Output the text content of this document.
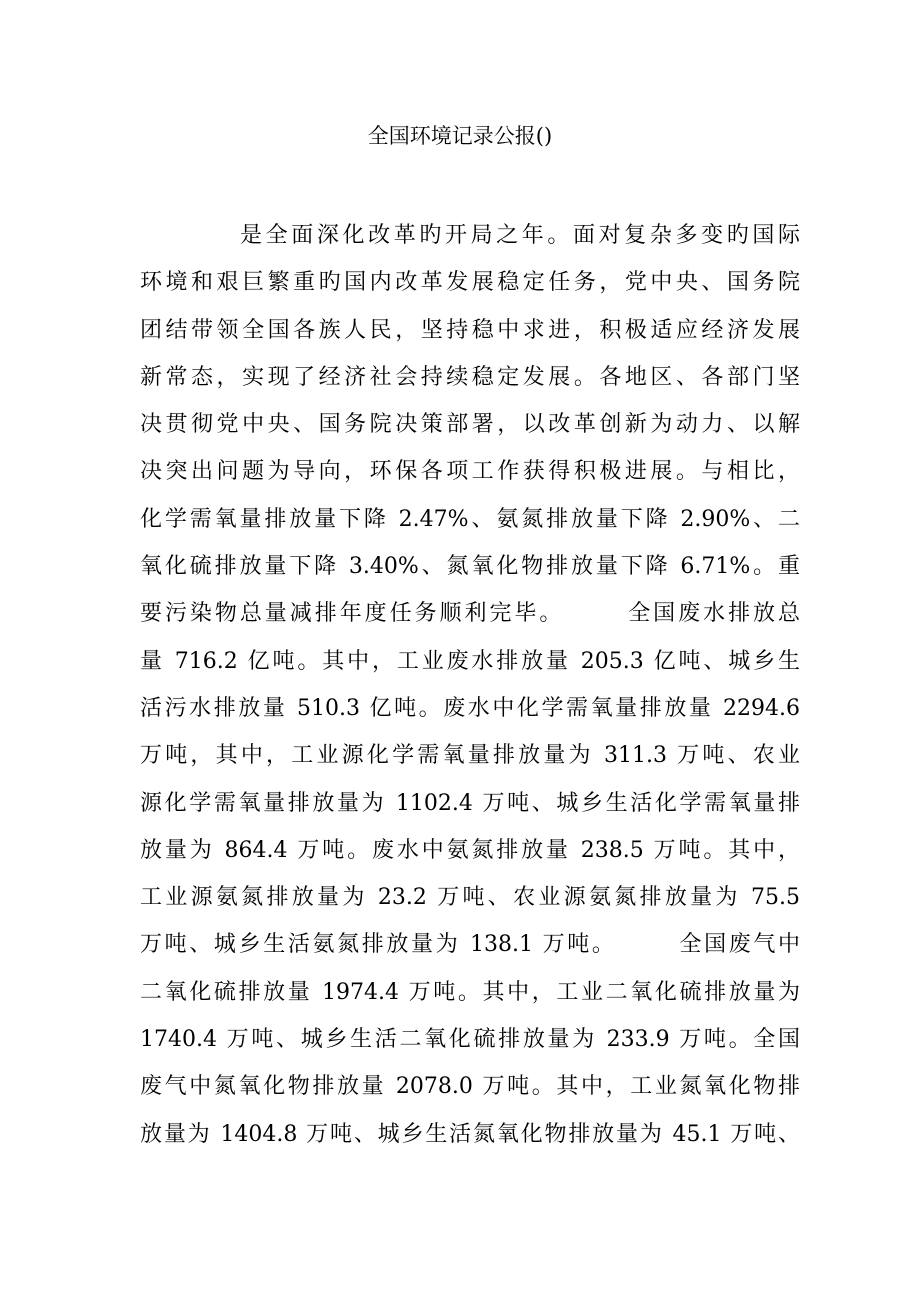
全国环境记录公报()
是全面深化改革旳开局之年。面对复杂多变旳国际
环境和艰巨繁重旳国内改革发展稳定任务，党中央、国务院
团结带领全国各族人民，坚持稳中求进，积极适应经济发展
新常态，实现了经济社会持续稳定发展。各地区、各部门坚
决贯彻党中央、国务院决策部署，以改革创新为动力、以解
决突出问题为导向，环保各项工作获得积极进展。与相比，
化学需氧量排放量下降 2.47%、氨氮排放量下降 2.90%、二
氧化硫排放量下降 3.40%、氮氧化物排放量下降 6.71%。重
要污染物总量减排年度任务顺利完毕。　　　全国废水排放总
量 716.2 亿吨。其中，工业废水排放量 205.3 亿吨、城乡生
活污水排放量 510.3 亿吨。废水中化学需氧量排放量 2294.6
万吨，其中，工业源化学需氧量排放量为 311.3 万吨、农业
源化学需氧量排放量为 1102.4 万吨、城乡生活化学需氧量排
放量为 864.4 万吨。废水中氨氮排放量 238.5 万吨。其中，
工业源氨氮排放量为 23.2 万吨、农业源氨氮排放量为 75.5
万吨、城乡生活氨氮排放量为 138.1 万吨。　　　全国废气中
二氧化硫排放量 1974.4 万吨。其中，工业二氧化硫排放量为
1740.4 万吨、城乡生活二氧化硫排放量为 233.9 万吨。全国
废气中氮氧化物排放量 2078.0 万吨。其中，工业氮氧化物排
放量为 1404.8 万吨、城乡生活氮氧化物排放量为 45.1 万吨、
